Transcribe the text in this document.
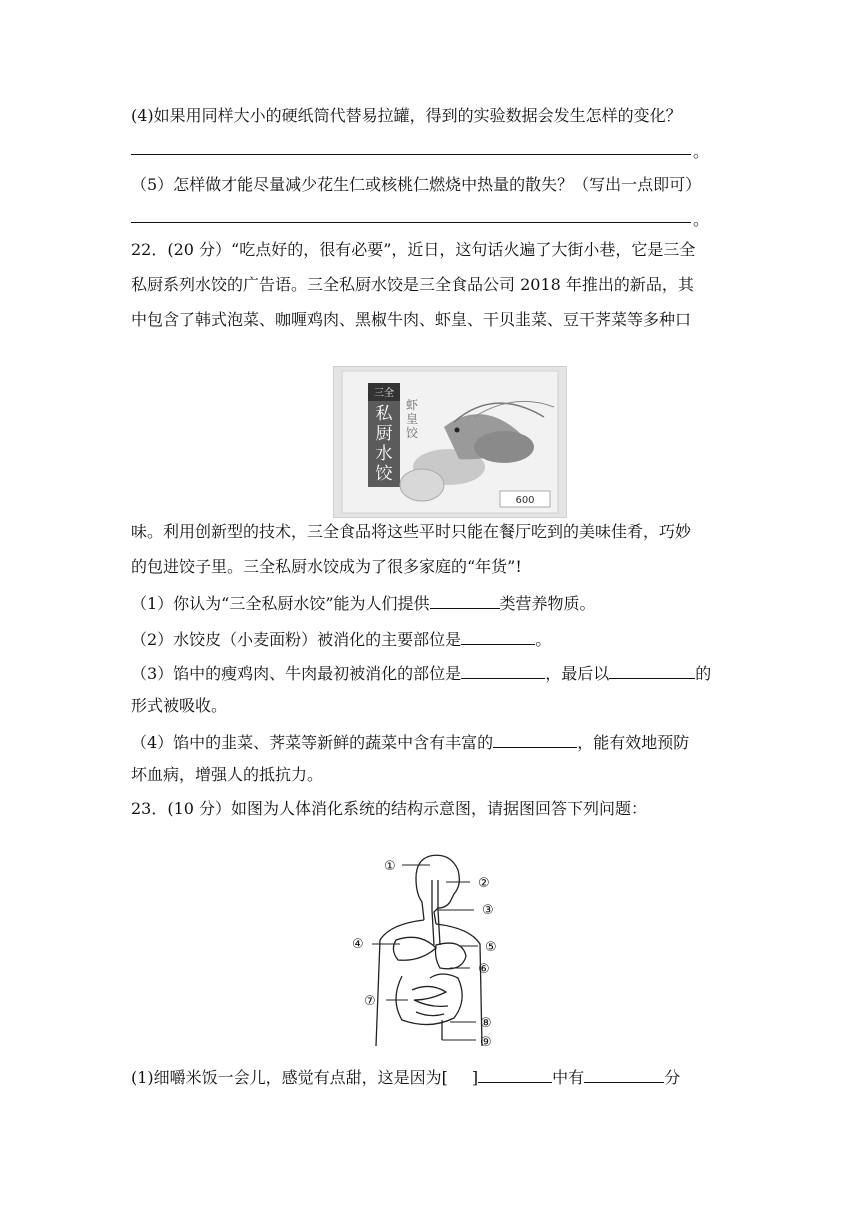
(4)如果用同样大小的硬纸筒代替易拉罐，得到的实验数据会发生怎样的变化？
。
（5）怎样做才能尽量减少花生仁或核桃仁燃烧中热量的散失？（写出一点即可）
。
22．(20 分）“吃点好的，很有必要”，近日，这句话火遍了大街小巷，它是三全
私厨系列水饺的广告语。三全私厨水饺是三全食品公司 2018 年推出的新品，其
中包含了韩式泡菜、咖喱鸡肉、黑椒牛肉、虾皇、干贝韭菜、豆干荠菜等多种口
三全
私
厨
水
饺
虾
皇
饺
600
味。利用创新型的技术，三全食品将这些平时只能在餐厅吃到的美味佳肴，巧妙
的包进饺子里。三全私厨水饺成为了很多家庭的“年货”!
（1）你认为“三全私厨水饺”能为人们提供	类营养物质。
（2）水饺皮（小麦面粉）被消化的主要部位是	。
（3）馅中的瘦鸡肉、牛肉最初被消化的部位是	，最后以	的
形式被吸收。
（4）馅中的韭菜、荠菜等新鲜的蔬菜中含有丰富的	，能有效地预防
坏血病，增强人的抵抗力。
23．(10 分）如图为人体消化系统的结构示意图，请据图回答下列问题：
①
②
③
④	⑤
⑥
⑦
⑧
⑨
(1)细嚼米饭一会儿，感觉有点甜，这是因为[ ]	中有	分
